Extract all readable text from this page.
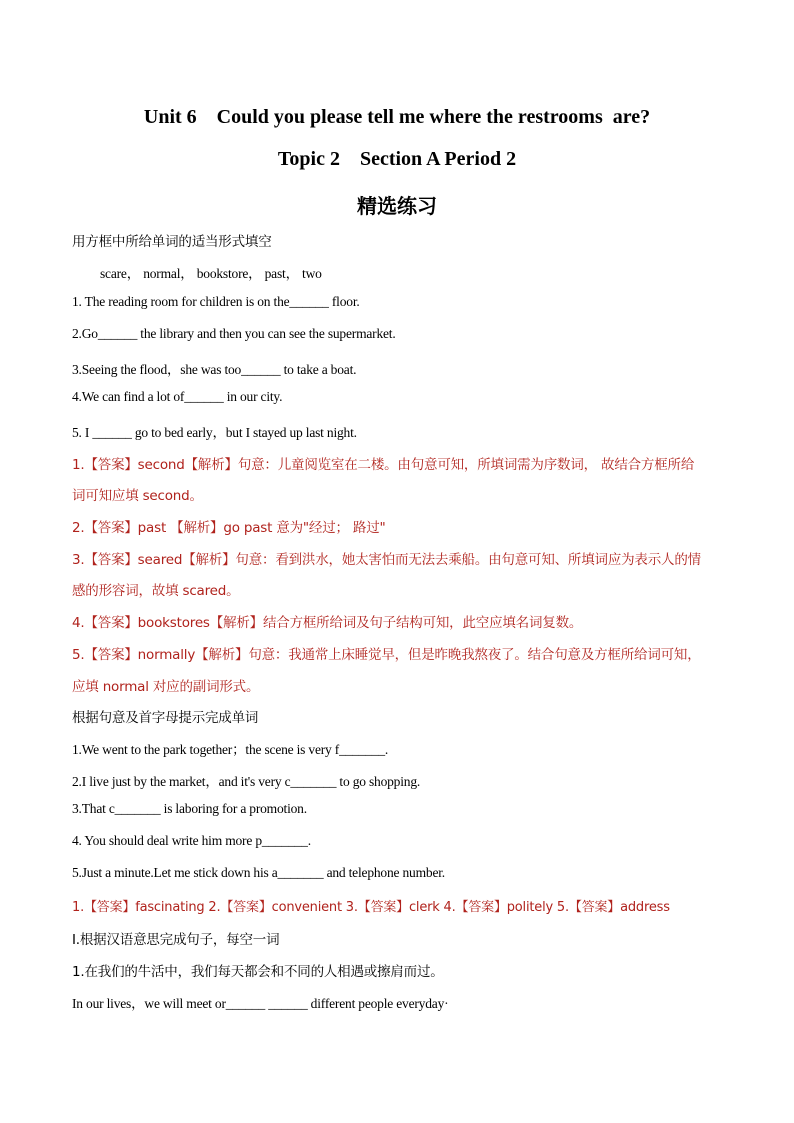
Unit 6    Could you please tell me where the restrooms  are?
Topic 2    Section A Period 2
精选练习
用方框中所给单词的适当形式填空
scare， normal， bookstore， past， two
1. The reading room for children is on the______ floor.
2.Go______ the library and then you can see the supermarket.
3.Seeing the flood，she was too______ to take a boat.
4.We can find a lot of______ in our city.
5. I ______ go to bed early，but I stayed up last night.
1.【答案】second【解析】句意：儿童阅览室在二楼。由句意可知，所填词需为序数词， 故结合方框所给
词可知应填 second。
2.【答案】past 【解析】go past 意为"经过； 路过"
3.【答案】seared【解析】句意：看到洪水，她太害怕而无法去乘船。由句意可知、所填词应为表示人的情
感的形容词，故填 scared。
4.【答案】bookstores【解析】结合方框所给词及句子结构可知，此空应填名词复数。
5.【答案】normally【解析】句意：我通常上床睡觉早，但是昨晚我熬夜了。结合句意及方框所给词可知，
应填 normal 对应的副词形式。
根据句意及首字母提示完成单词
1.We went to the park together；the scene is very f_______.
2.I live just by the market，and it's very c_______ to go shopping.
3.That c_______ is laboring for a promotion.
4. You should deal write him more p_______.
5.Just a minute.Let me stick down his a_______ and telephone number.
1.【答案】fascinating 2.【答案】convenient 3.【答案】clerk 4.【答案】politely 5.【答案】address
Ⅰ.根据汉语意思完成句子，每空一词
1.在我们的牛活中，我们每天都会和不同的人相遇或擦肩而过。
In our lives，we will meet or______ ______ different people everyday·
